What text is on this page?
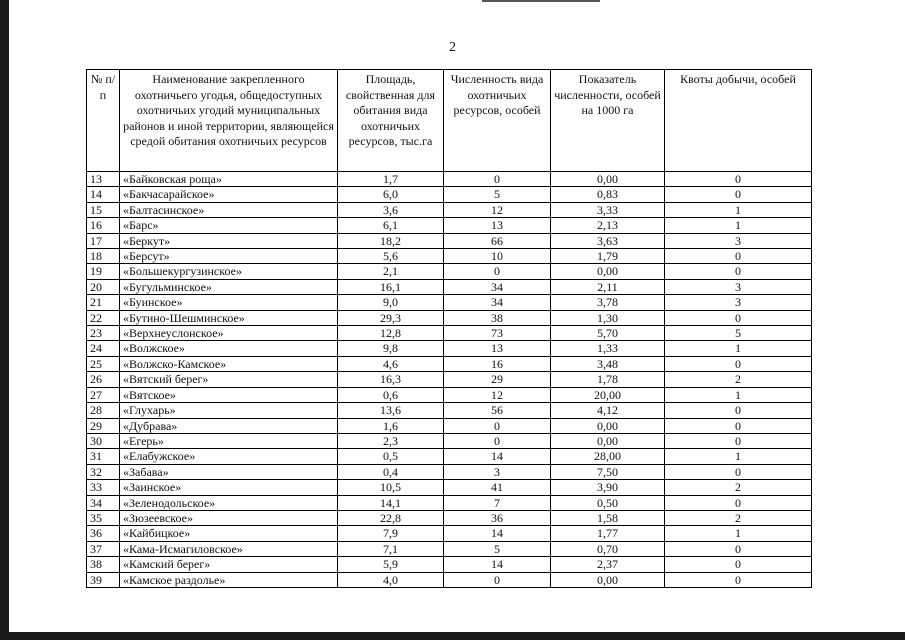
2
№ п/п	Наименование закрепленного охотничьего угодья, общедоступных охотничьих угодий муниципальных районов и иной территории, являющейся средой обитания охотничьих ресурсов	Площадь, свойственная для обитания вида охотничьих ресурсов, тыс.га	Численность вида охотничьих ресурсов, особей	Показатель численности, особей на 1000 га	Квоты добычи, особей
13	«Байковская роща»	1,7	0	0,00	0
14	«Бакчасарайское»	6,0	5	0,83	0
15	«Балтасинское»	3,6	12	3,33	1
16	«Барс»	6,1	13	2,13	1
17	«Беркут»	18,2	66	3,63	3
18	«Берсут»	5,6	10	1,79	0
19	«Большекургузинское»	2,1	0	0,00	0
20	«Бугульминское»	16,1	34	2,11	3
21	«Буинское»	9,0	34	3,78	3
22	«Бутино-Шешминское»	29,3	38	1,30	0
23	«Верхнеуслонское»	12,8	73	5,70	5
24	«Волжское»	9,8	13	1,33	1
25	«Волжско-Камское»	4,6	16	3,48	0
26	«Вятский берег»	16,3	29	1,78	2
27	«Вятское»	0,6	12	20,00	1
28	«Глухарь»	13,6	56	4,12	0
29	«Дубрава»	1,6	0	0,00	0
30	«Егерь»	2,3	0	0,00	0
31	«Елабужское»	0,5	14	28,00	1
32	«Забава»	0,4	3	7,50	0
33	«Заинское»	10,5	41	3,90	2
34	«Зеленодольское»	14,1	7	0,50	0
35	«Зюзеевское»	22,8	36	1,58	2
36	«Кайбицкое»	7,9	14	1,77	1
37	«Кама-Исмагиловское»	7,1	5	0,70	0
38	«Камский берег»	5,9	14	2,37	0
39	«Камское раздолье»	4,0	0	0,00	0
